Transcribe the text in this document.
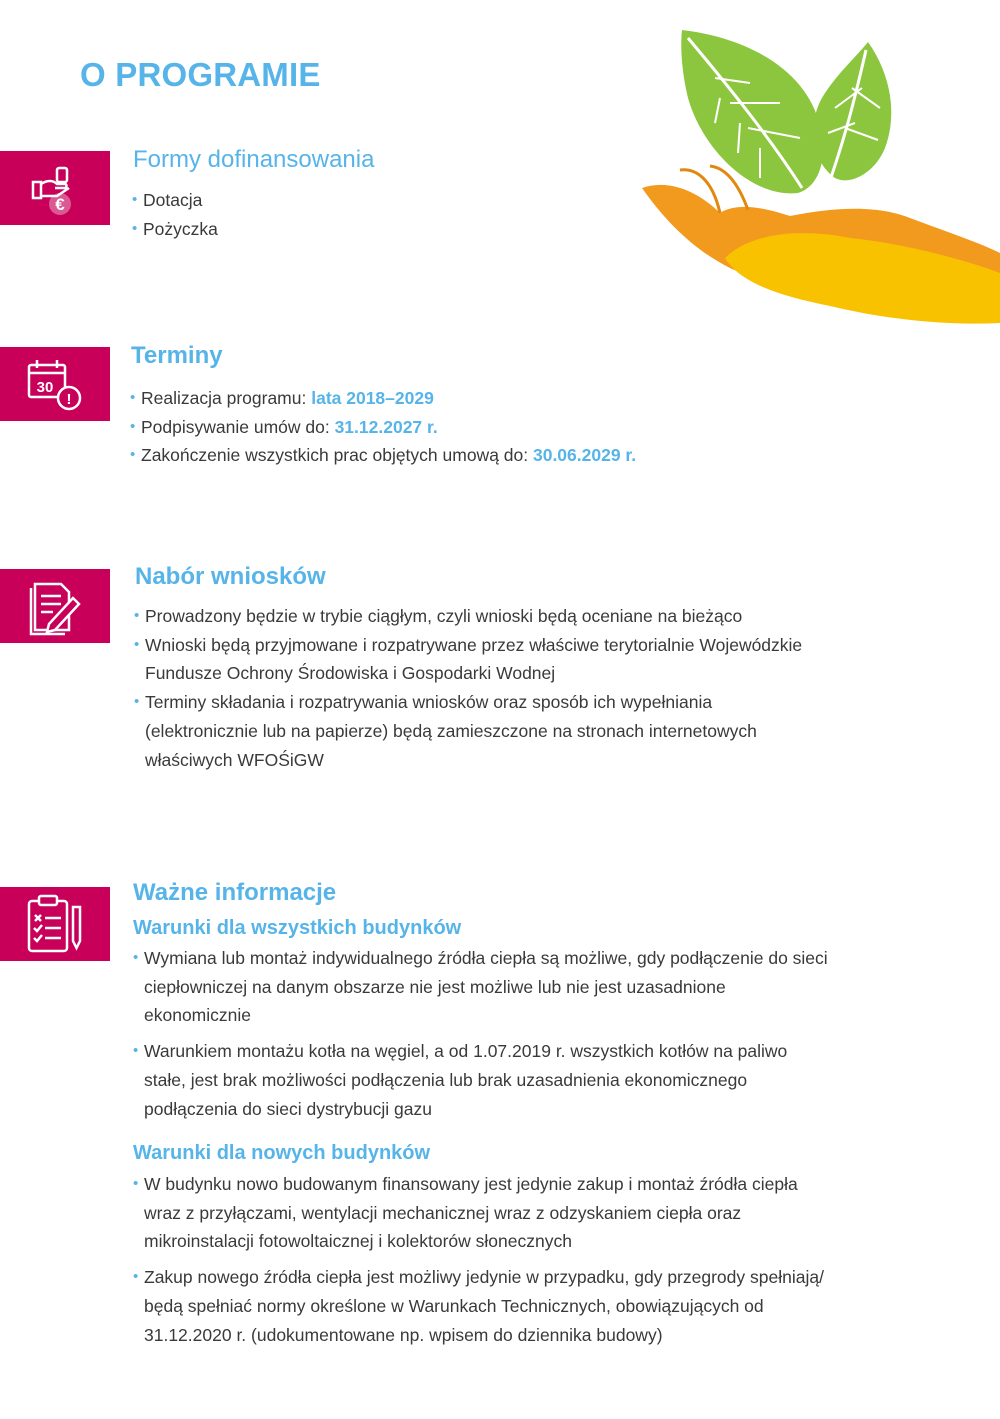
O PROGRAMIE
€
Formy dofinansowania
• Dotacja
• Pożyczka
30
!
Terminy
• Realizacja programu: lata 2018–2029
• Podpisywanie umów do: 31.12.2027 r.
• Zakończenie wszystkich prac objętych umową do: 30.06.2029 r.
Nabór wniosków
• Prowadzony będzie w trybie ciągłym, czyli wnioski będą oceniane na bieżąco
• Wnioski będą przyjmowane i rozpatrywane przez właściwe terytorialnie Wojewódzkie Fundusze Ochrony Środowiska i Gospodarki Wodnej
• Terminy składania i rozpatrywania wniosków oraz sposób ich wypełniania (elektronicznie lub na papierze) będą zamieszczone na stronach internetowych właściwych WFOŚiGW
Ważne informacje
Warunki dla wszystkich budynków
• Wymiana lub montaż indywidualnego źródła ciepła są możliwe, gdy podłączenie do sieci ciepłowniczej na danym obszarze nie jest możliwe lub nie jest uzasadnione ekonomicznie
• Warunkiem montażu kotła na węgiel, a od 1.07.2019 r. wszystkich kotłów na paliwo stałe, jest brak możliwości podłączenia lub brak uzasadnienia ekonomicznego podłączenia do sieci dystrybucji gazu
Warunki dla nowych budynków
• W budynku nowo budowanym finansowany jest jedynie zakup i montaż źródła ciepła wraz z przyłączami, wentylacji mechanicznej wraz z odzyskaniem ciepła oraz mikroinstalacji fotowoltaicznej i kolektorów słonecznych
• Zakup nowego źródła ciepła jest możliwy jedynie w przypadku, gdy przegrody spełniają/ będą spełniać normy określone w Warunkach Technicznych, obowiązujących od 31.12.2020 r. (udokumentowane np. wpisem do dziennika budowy)
